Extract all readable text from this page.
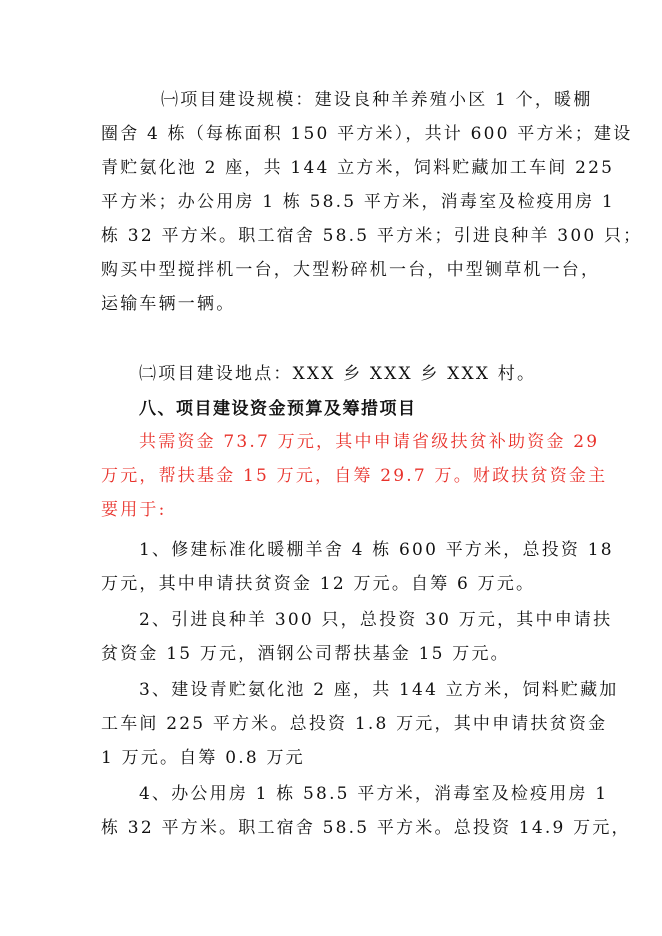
㈠项目建设规模：建设良种羊养殖小区 1 个，暖棚
圈舍 4 栋（每栋面积 150 平方米），共计 600 平方米；建设
青贮氨化池 2 座，共 144 立方米，饲料贮藏加工车间 225
平方米；办公用房 1 栋 58.5 平方米，消毒室及检疫用房 1
栋 32 平方米。职工宿舍 58.5 平方米；引进良种羊 300 只；
购买中型搅拌机一台，大型粉碎机一台，中型铡草机一台，
运输车辆一辆。
㈡项目建设地点：XXX 乡 XXX 乡 XXX 村。
八、项目建设资金预算及筹措项目
共需资金 73.7 万元，其中申请省级扶贫补助资金 29
万元，帮扶基金 15 万元，自筹 29.7 万。财政扶贫资金主
要用于:
1、修建标准化暖棚羊舍 4 栋 600 平方米，总投资 18
万元，其中申请扶贫资金 12 万元。自筹 6 万元。
2、引进良种羊 300 只，总投资 30 万元，其中申请扶
贫资金 15 万元，酒钢公司帮扶基金 15 万元。
3、建设青贮氨化池 2 座，共 144 立方米，饲料贮藏加
工车间 225 平方米。总投资 1.8 万元，其中申请扶贫资金
1 万元。自筹 0.8 万元
4、办公用房 1 栋 58.5 平方米，消毒室及检疫用房 1
栋 32 平方米。职工宿舍 58.5 平方米。总投资 14.9 万元，
